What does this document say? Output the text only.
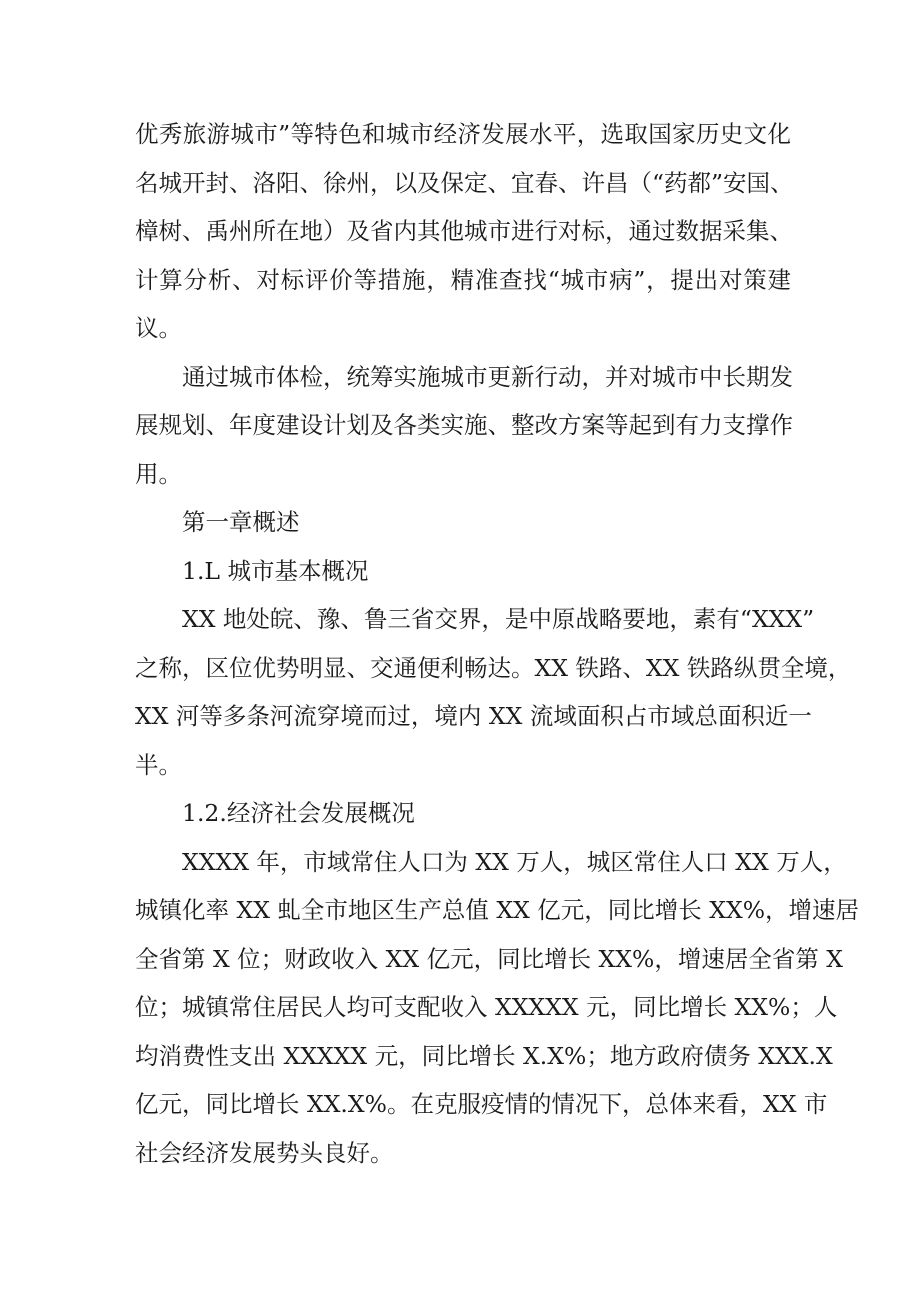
优秀旅游城市”等特色和城市经济发展水平，选取国家历史文化
名城开封、洛阳、徐州，以及保定、宜春、许昌（“药都”安国、
樟树、禹州所在地）及省内其他城市进行对标，通过数据采集、
计算分析、对标评价等措施，精准查找“城市病”，提出对策建
议。
通过城市体检，统筹实施城市更新行动，并对城市中长期发
展规划、年度建设计划及各类实施、整改方案等起到有力支撑作
用。
第一章概述
1.L 城市基本概况
XX 地处皖、豫、鲁三省交界，是中原战略要地，素有“XXX”
之称，区位优势明显、交通便利畅达。XX 铁路、XX 铁路纵贯全境，
XX 河等多条河流穿境而过，境内 XX 流域面积占市域总面积近一
半。
1.2.经济社会发展概况
XXXX 年，市域常住人口为 XX 万人，城区常住人口 XX 万人，
城镇化率 XX 虬全市地区生产总值 XX 亿元，同比增长 XX%，增速居
全省第 X 位；财政收入 XX 亿元，同比增长 XX%，增速居全省第 X
位；城镇常住居民人均可支配收入 XXXXX 元，同比增长 XX%；人
均消费性支出 XXXXX 元，同比增长 X.X%；地方政府债务 XXX.X
亿元，同比增长 XX.X%。在克服疫情的情况下，总体来看，XX 市
社会经济发展势头良好。
